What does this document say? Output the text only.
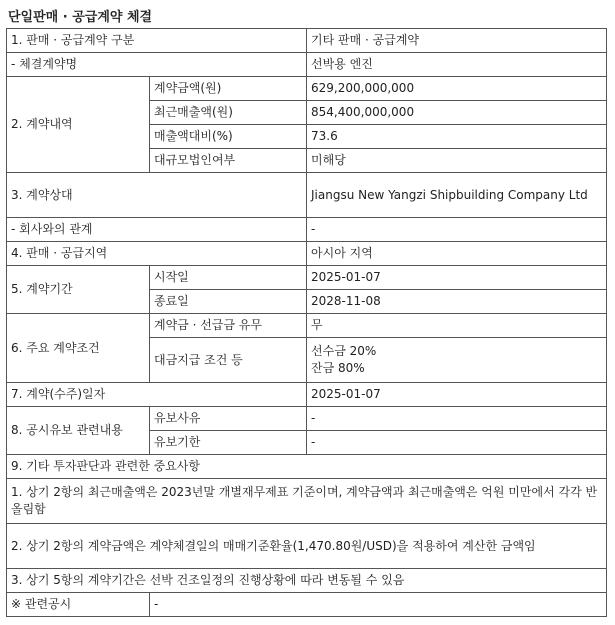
단일판매 · 공급계약 체결
1. 판매 · 공급계약 구분		기타 판매 · 공급계약
- 체결계약명		선박용 엔진
2. 계약내역	계약금액(원)	629,200,000,000
	최근매출액(원)	854,400,000,000
	매출액대비(%)	73.6
	대규모법인여부	미해당
3. 계약상대		Jiangsu New Yangzi Shipbuilding Company Ltd
- 회사와의 관계		-
4. 판매 · 공급지역		아시아 지역
5. 계약기간	시작일	2025-01-07
	종료일	2028-11-08
6. 주요 계약조건	계약금 · 선급금 유무	무
	대금지급 조건 등	선수금 20%
잔금 80%

7. 계약(수주)일자		2025-01-07
8. 공시유보 관련내용	유보사유	-
	유보기한	-
9. 기타 투자판단과 관련한 중요사항		
1. 상기 2항의 최근매출액은 2023년말 개별재무제표 기준이며, 계약금액과 최근매출액은 억원 미만에서 각각 반올림함		
2. 상기 2항의 계약금액은 계약체결일의 매매기준환율(1,470.80원/USD)을 적용하여 계산한 금액임		
3. 상기 5항의 계약기간은 선박 건조일정의 진행상황에 따라 변동될 수 있음		
※ 관련공시	-	
